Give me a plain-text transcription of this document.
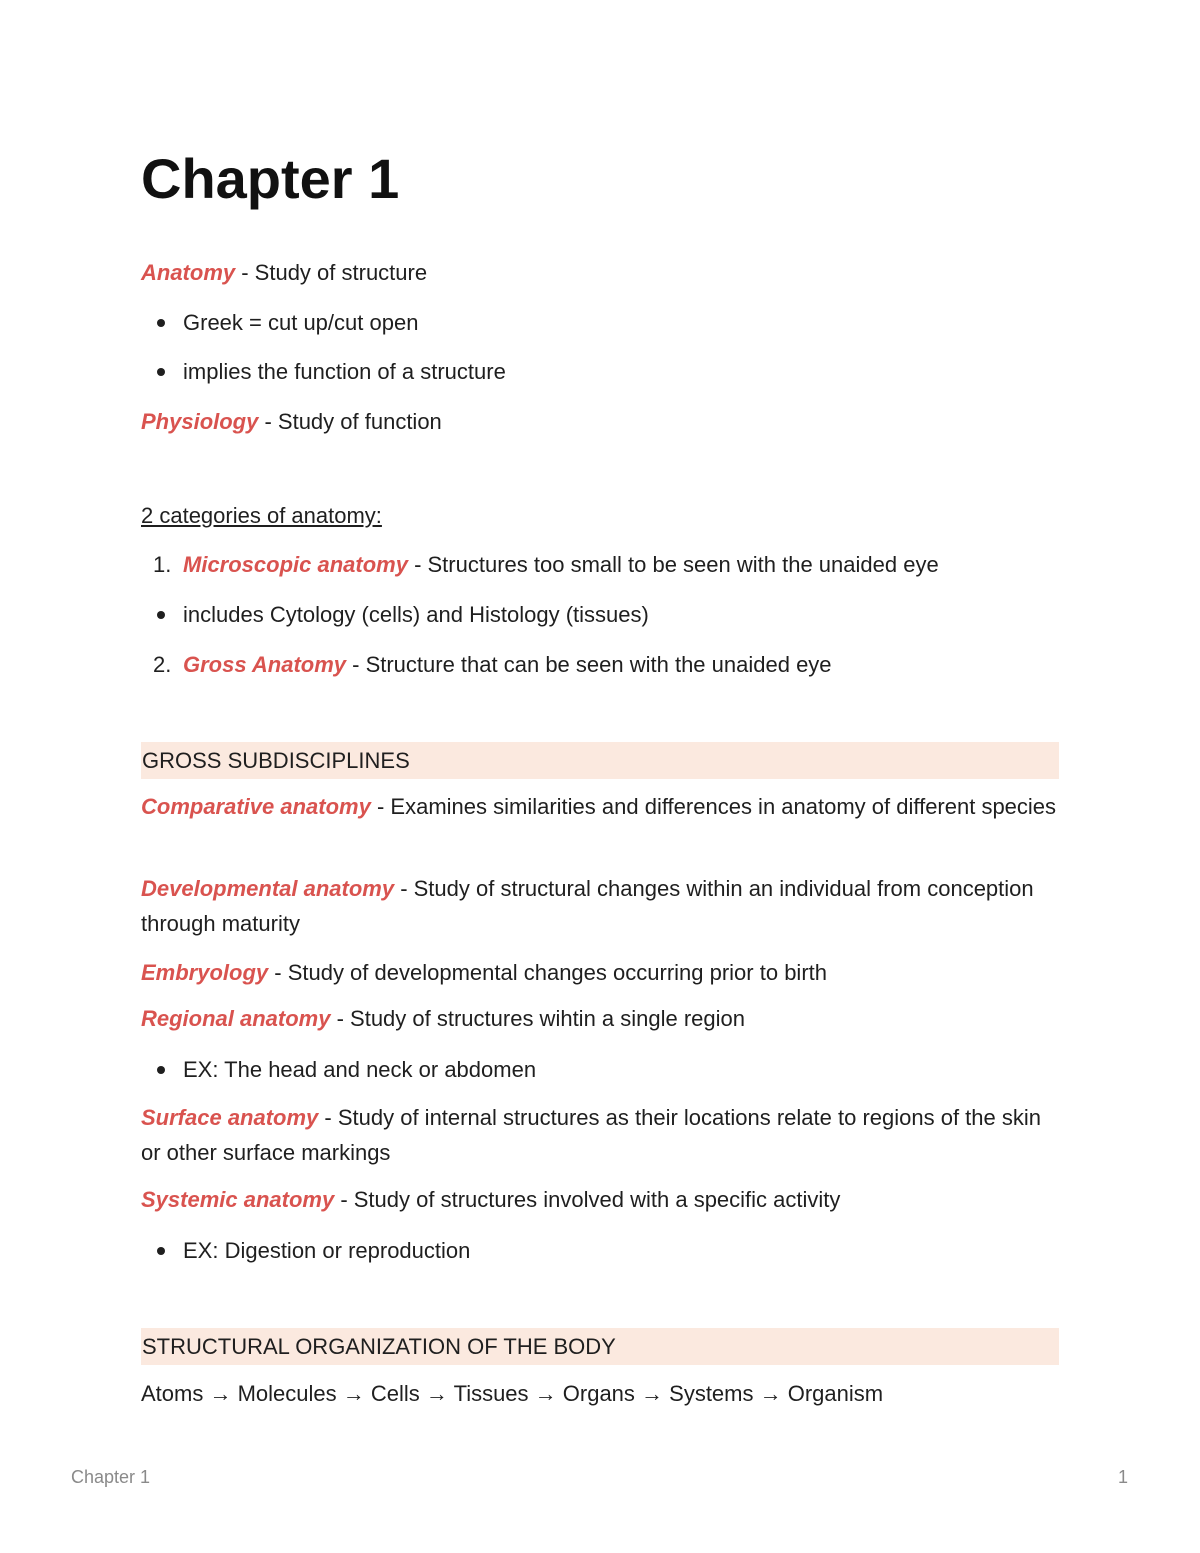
Chapter 1

Anatomy - Study of structure

Greek = cut up/cut open
implies the function of a structure

Physiology - Study of function

2 categories of anatomy:

1. Microscopic anatomy - Structures too small to be seen with the unaided eye
includes Cytology (cells) and Histology (tissues)
2. Gross Anatomy - Structure that can be seen with the unaided eye
GROSS SUBDISCIPLINES

Comparative anatomy - Examines similarities and differences in anatomy of different species

Developmental anatomy - Study of structural changes within an individual from conception through maturity

Embryology - Study of developmental changes occurring prior to birth

Regional anatomy - Study of structures wihtin a single region

EX: The head and neck or abdomen

Surface anatomy - Study of internal structures as their locations relate to regions of the skin or other surface markings

Systemic anatomy - Study of structures involved with a specific activity

EX: Digestion or reproduction
STRUCTURAL ORGANIZATION OF THE BODY

Atoms → Molecules → Cells → Tissues → Organs → Systems → Organism

Chapter 1	1
